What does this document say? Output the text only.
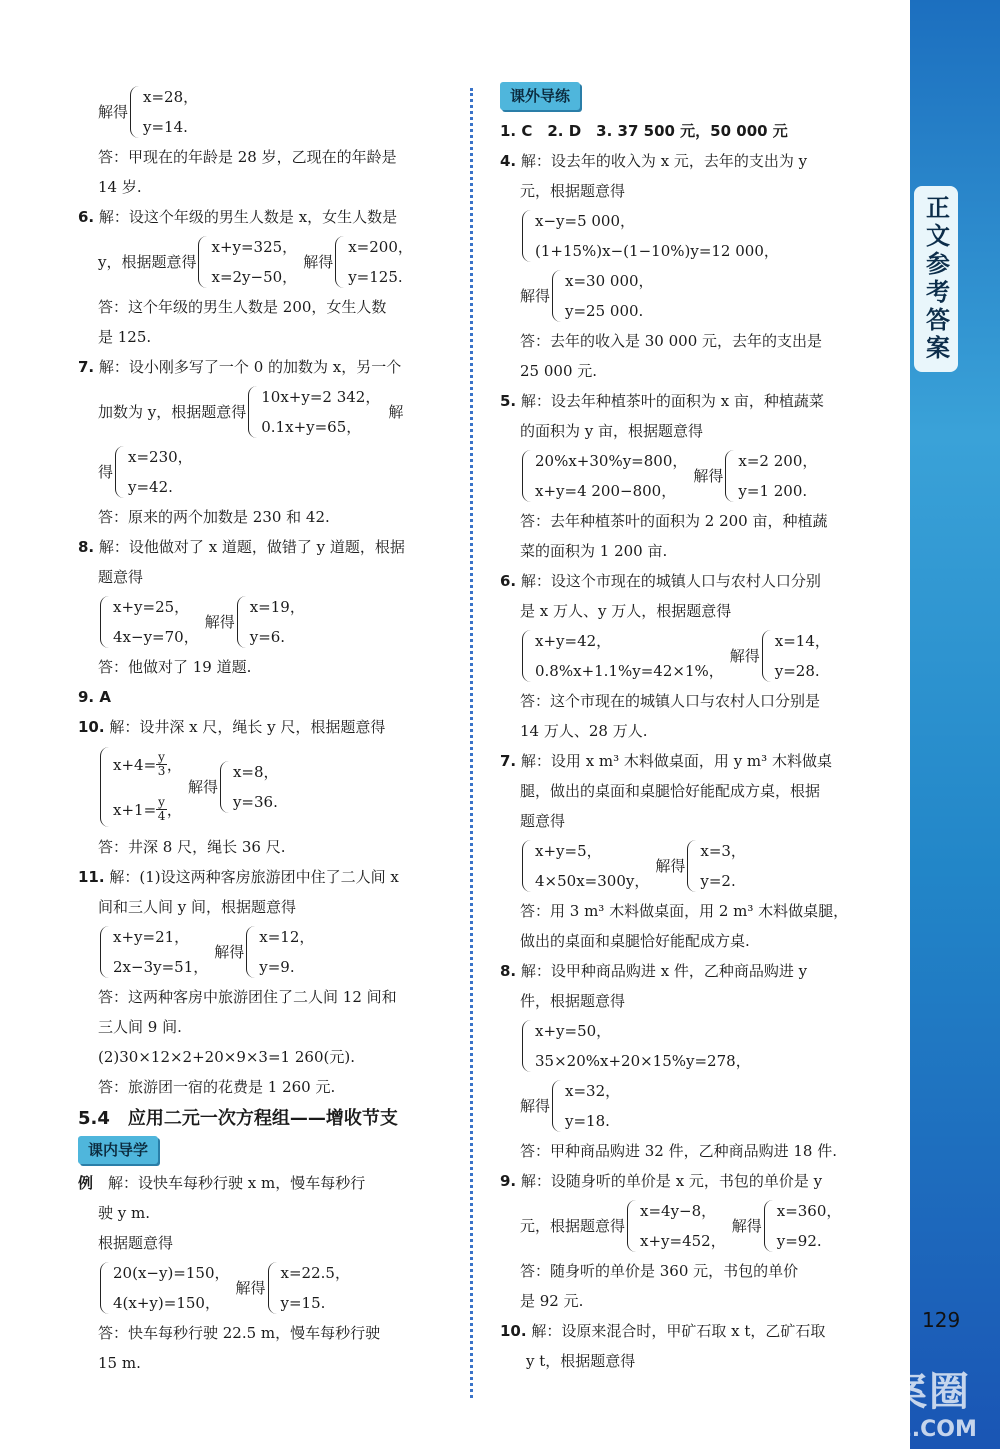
正文参考答案
解得
x=28，
y=14.
答：甲现在的年龄是 28 岁，乙现在的年龄是
14 岁.
6. 解：设这个年级的男生人数是 x，女生人数是
y，根据题意得
x+y=325，
x=2y−50，
解得
x=200，
y=125.
答：这个年级的男生人数是 200，女生人数
是 125.
7. 解：设小刚多写了一个 0 的加数为 x，另一个
加数为 y，根据题意得
10x+y=2 342，
0.1x+y=65，
解
得
x=230，
y=42.
答：原来的两个加数是 230 和 42.
8. 解：设他做对了 x 道题，做错了 y 道题，根据
题意得
x+y=25，
4x−y=70，
解得
x=19，
y=6.
答：他做对了 19 道题.
9. A
10. 解：设井深 x 尺，绳长 y 尺，根据题意得
$x+4= \frac{y}{3}$ ，
$x+1= \frac{y}{4}$ ，
解得
x=8，
y=36.
答：井深 8 尺，绳长 36 尺.
11. 解：(1)设这两种客房旅游团中住了二人间 x
间和三人间 y 间，根据题意得
x+y=21，
2x−3y=51，
解得
x=12，
y=9.
答：这两种客房中旅游团住了二人间 12 间和
三人间 9 间.
(2)30×12×2+20×9×3=1 260(元).
答：旅游团一宿的花费是 1 260 元.
5.4　应用二元一次方程组——增收节支
课内导学
例　 解：设快车每秒行驶 x m，慢车每秒行
驶 y m.
根据题意得
20(x−y)=150，
4(x+y)=150，
解得
x=22.5，
y=15.
答：快车每秒行驶 22.5 m，慢车每秒行驶
15 m.
课外导练
1. C　2. D　3. 37 500 元，50 000 元
4. 解：设去年的收入为 x 元，去年的支出为 y
元，根据题意得
x−y=5 000，
(1+15%)x−(1−10%)y=12 000，
解得
x=30 000，
y=25 000.
答：去年的收入是 30 000 元，去年的支出是
25 000 元.
5. 解：设去年种植茶叶的面积为 x 亩，种植蔬菜
的面积为 y 亩，根据题意得
20%x+30%y=800，
x+y=4 200−800，
解得
x=2 200，
y=1 200.
答：去年种植茶叶的面积为 2 200 亩，种植蔬
菜的面积为 1 200 亩.
6. 解：设这个市现在的城镇人口与农村人口分别
是 x 万人、y 万人，根据题意得
x+y=42，
0.8%x+1.1%y=42×1%，
解得
x=14，
y=28.
答：这个市现在的城镇人口与农村人口分别是
14 万人、28 万人.
7. 解：设用 x m³ 木料做桌面，用 y m³ 木料做桌
腿，做出的桌面和桌腿恰好能配成方桌，根据
题意得
x+y=5，
4×50x=300y，
解得
x=3，
y=2.
答：用 3 m³ 木料做桌面，用 2 m³ 木料做桌腿，
做出的桌面和桌腿恰好能配成方桌.
8. 解：设甲种商品购进 x 件，乙种商品购进 y
件，根据题意得
x+y=50，
35×20%x+20×15%y=278，
解得
x=32，
y=18.
答：甲种商品购进 32 件，乙种商品购进 18 件.
9. 解：设随身听的单价是 x 元，书包的单价是 y
元，根据题意得
x=4y−8，
x+y=452，
解得
x=360，
y=92.
答：随身听的单价是 360 元，书包的单价
是 92 元.
10. 解：设原来混合时，甲矿石取 x t，乙矿石取
y t，根据题意得
129
答案圈
MXQE.COM
